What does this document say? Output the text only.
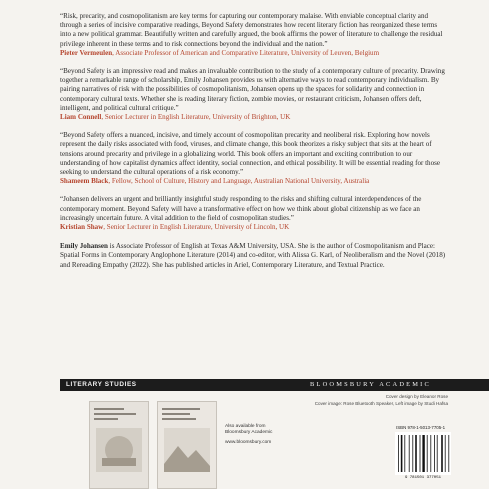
“Risk, precarity, and cosmopolitanism are key terms for capturing our contemporary malaise. With enviable conceptual clarity and through a series of incisive comparative readings, Beyond Safety demonstrates how recent literary fiction has reorganized these terms into a new political grammar. Beautifully written and carefully argued, the book affirms the power of literature to challenge the residual privilege inherent in these terms and to risk connections beyond the individual and the nation.”

Pieter Vermeulen, Associate Professor of American and Comparative Literature, University of Leuven, Belgium

“Beyond Safety is an impressive read and makes an invaluable contribution to the study of a contemporary culture of precarity. Drawing together a remarkable range of scholarship, Emily Johansen provides us with alternative ways to read contemporary individualism. By pairing narratives of risk with the possibilities of cosmopolitanism, Johansen opens up the spaces for solidarity and connection in contemporary cultural texts. Whether she is reading literary fiction, zombie movies, or restaurant criticism, Johansen offers deft, intelligent, and political cultural critique.”

Liam Connell, Senior Lecturer in English Literature, University of Brighton, UK

“Beyond Safety offers a nuanced, incisive, and timely account of cosmopolitan precarity and neoliberal risk. Exploring how novels represent the daily risks associated with food, viruses, and climate change, this book theorizes a risky subject that sits at the heart of tensions around precarity and privilege in a globalizing world. This book offers an important and exciting contribution to our understanding of how capitalist dynamics affect identity, social connection, and ethical possibility. It will be essential reading for those seeking to understand the cultural operations of a risk economy.”

Shameem Black, Fellow, School of Culture, History and Language, Australian National University, Australia

“Johansen delivers an urgent and brilliantly insightful study responding to the risks and shifting cultural interdependences of the contemporary moment. Beyond Safety will have a transformative effect on how we think about global citizenship as we face an increasingly uncertain future. A vital addition to the field of cosmopolitan studies.”

Kristian Shaw, Senior Lecturer in English Literature, University of Lincoln, UK

Emily Johansen is Associate Professor of English at Texas A&M University, USA. She is the author of Cosmopolitanism and Place: Spatial Forms in Contemporary Anglophone Literature (2014) and co-editor, with Alissa G. Karl, of Neoliberalism and the Novel (2018) and Rereading Empathy (2022). She has published articles in Ariel, Contemporary Literature, and Textual Practice.

LITERARY STUDIES	BLOOMSBURY ACADEMIC
Cover design by Eleanor Rose
Cover image: Rose Bluetooth Speaker, Left image by Studi Hafsa
Also available from
Bloomsbury Academic
www.bloomsbury.com
ISBN 978-1-5013-7705-1
9 781501 377051
